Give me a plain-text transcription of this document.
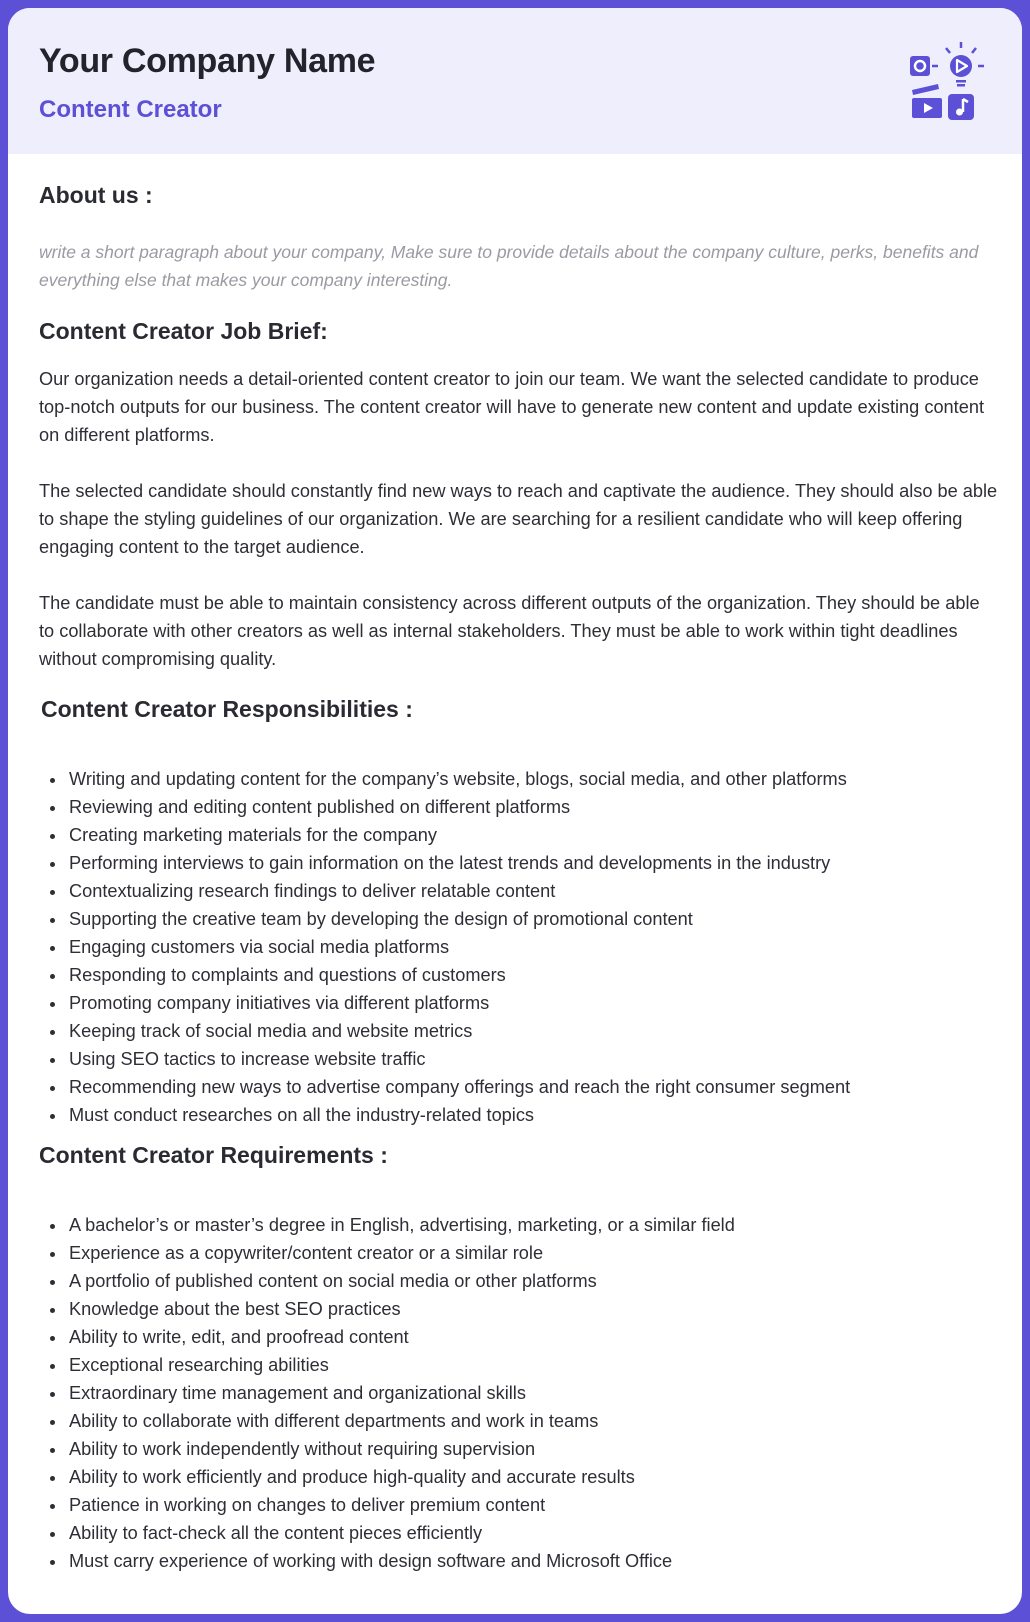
Your Company Name
Content Creator
About us :
write a short paragraph about your company, Make sure to provide details about the company culture, perks, benefits and everything else that makes your company interesting.
Content Creator Job Brief:

Our organization needs a detail-oriented content creator to join our team. We want the selected candidate to produce top-notch outputs for our business. The content creator will have to generate new content and update existing content on different platforms.

The selected candidate should constantly find new ways to reach and captivate the audience. They should also be able to shape the styling guidelines of our organization. We are searching for a resilient candidate who will keep offering engaging content to the target audience.

The candidate must be able to maintain consistency across different outputs of the organization. They should be able to collaborate with other creators as well as internal stakeholders. They must be able to work within tight deadlines without compromising quality.

Content Creator Responsibilities :
• Writing and updating content for the company’s website, blogs, social media, and other platforms
• Reviewing and editing content published on different platforms
• Creating marketing materials for the company
• Performing interviews to gain information on the latest trends and developments in the industry
• Contextualizing research findings to deliver relatable content
• Supporting the creative team by developing the design of promotional content
• Engaging customers via social media platforms
• Responding to complaints and questions of customers
• Promoting company initiatives via different platforms
• Keeping track of social media and website metrics
• Using SEO tactics to increase website traffic
• Recommending new ways to advertise company offerings and reach the right consumer segment
• Must conduct researches on all the industry-related topics
Content Creator Requirements :
• A bachelor’s or master’s degree in English, advertising, marketing, or a similar field
• Experience as a copywriter/content creator or a similar role
• A portfolio of published content on social media or other platforms
• Knowledge about the best SEO practices
• Ability to write, edit, and proofread content
• Exceptional researching abilities
• Extraordinary time management and organizational skills
• Ability to collaborate with different departments and work in teams
• Ability to work independently without requiring supervision
• Ability to work efficiently and produce high-quality and accurate results
• Patience in working on changes to deliver premium content
• Ability to fact-check all the content pieces efficiently
• Must carry experience of working with design software and Microsoft Office
